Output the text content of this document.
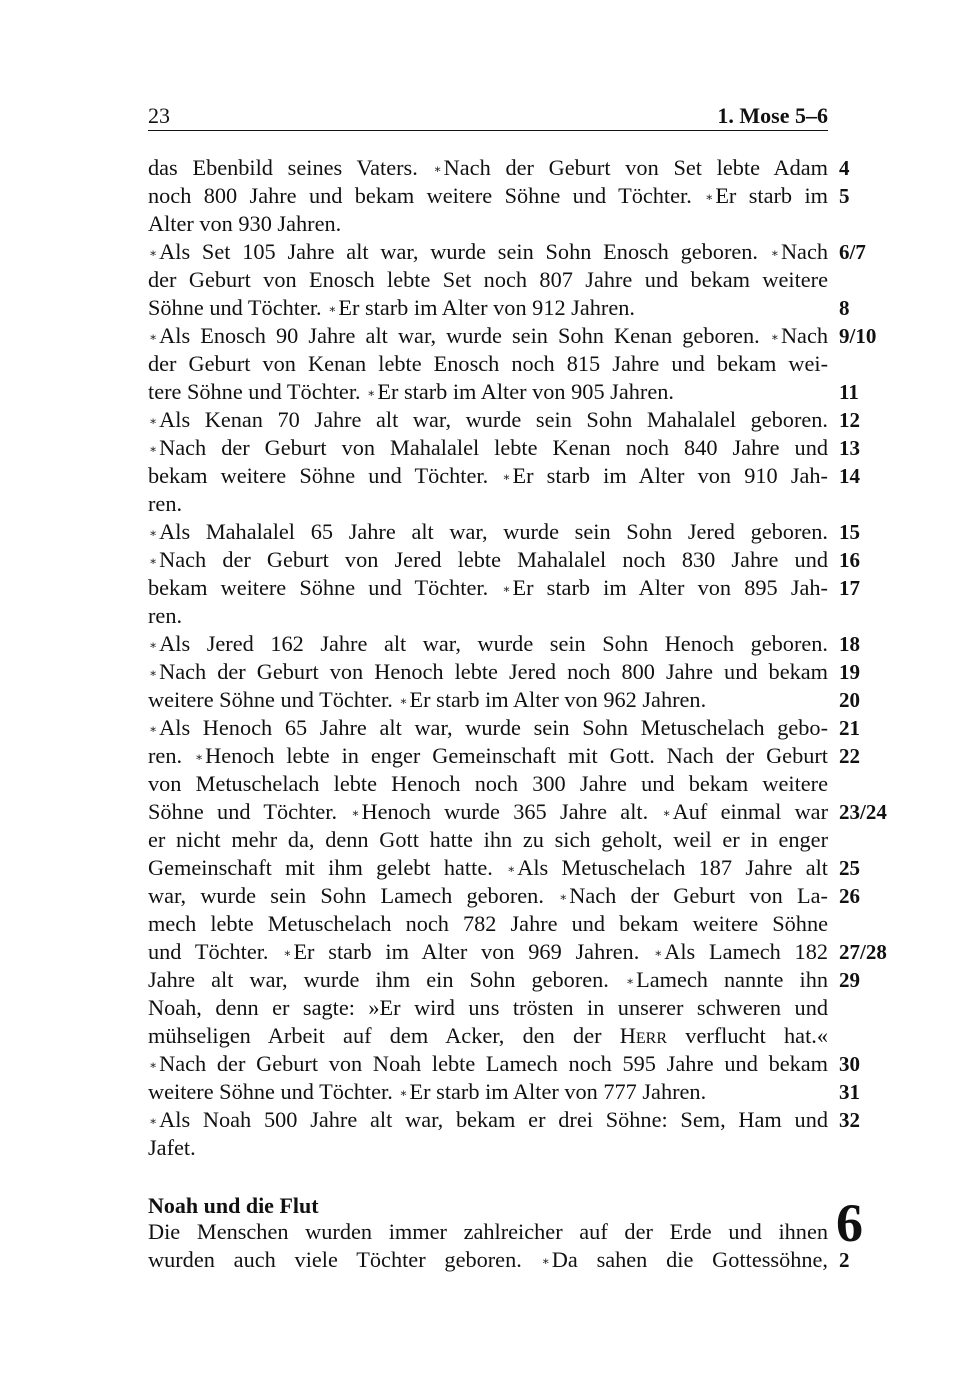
23	1. Mose 5–6
das Ebenbild seines Vaters. ∗Nach der Geburt von Set lebte Adam
noch 800 Jahre und bekam weitere Söhne und Töchter. ∗Er starb im
Alter von 930 Jahren.
∗Als Set 105 Jahre alt war, wurde sein Sohn Enosch geboren. ∗Nach
der Geburt von Enosch lebte Set noch 807 Jahre und bekam weitere
Söhne und Töchter. ∗Er starb im Alter von 912 Jahren.
∗Als Enosch 90 Jahre alt war, wurde sein Sohn Kenan geboren. ∗Nach
der Geburt von Kenan lebte Enosch noch 815 Jahre und bekam wei-
tere Söhne und Töchter. ∗Er starb im Alter von 905 Jahren.
∗Als Kenan 70 Jahre alt war, wurde sein Sohn Mahalalel geboren.
∗Nach der Geburt von Mahalalel lebte Kenan noch 840 Jahre und
bekam weitere Söhne und Töchter. ∗Er starb im Alter von 910 Jah-
ren.
∗Als Mahalalel 65 Jahre alt war, wurde sein Sohn Jered geboren.
∗Nach der Geburt von Jered lebte Mahalalel noch 830 Jahre und
bekam weitere Söhne und Töchter. ∗Er starb im Alter von 895 Jah-
ren.
∗Als Jered 162 Jahre alt war, wurde sein Sohn Henoch geboren.
∗Nach der Geburt von Henoch lebte Jered noch 800 Jahre und bekam
weitere Söhne und Töchter. ∗Er starb im Alter von 962 Jahren.
∗Als Henoch 65 Jahre alt war, wurde sein Sohn Metuschelach gebo-
ren. ∗Henoch lebte in enger Gemeinschaft mit Gott. Nach der Geburt
von Metuschelach lebte Henoch noch 300 Jahre und bekam weitere
Söhne und Töchter. ∗Henoch wurde 365 Jahre alt. ∗Auf einmal war
er nicht mehr da, denn Gott hatte ihn zu sich geholt, weil er in enger
Gemeinschaft mit ihm gelebt hatte. ∗Als Metuschelach 187 Jahre alt
war, wurde sein Sohn Lamech geboren. ∗Nach der Geburt von La-
mech lebte Metuschelach noch 782 Jahre und bekam weitere Söhne
und Töchter. ∗Er starb im Alter von 969 Jahren. ∗Als Lamech 182
Jahre alt war, wurde ihm ein Sohn geboren. ∗Lamech nannte ihn
Noah, denn er sagte: »Er wird uns trösten in unserer schweren und
mühseligen Arbeit auf dem Acker, den der Herr verflucht hat.«
∗Nach der Geburt von Noah lebte Lamech noch 595 Jahre und bekam
weitere Söhne und Töchter. ∗Er starb im Alter von 777 Jahren.
∗Als Noah 500 Jahre alt war, bekam er drei Söhne: Sem, Ham und
Jafet.
4
5
6/7
8
9/10
11
12
13
14
15
16
17
18
19
20
21
22
23/24
25
26
27/28
29
30
31
32
Noah und die Flut	6
Die Menschen wurden immer zahlreicher auf der Erde und ihnen
wurden auch viele Töchter geboren. ∗Da sahen die Gottessöhne, 2
